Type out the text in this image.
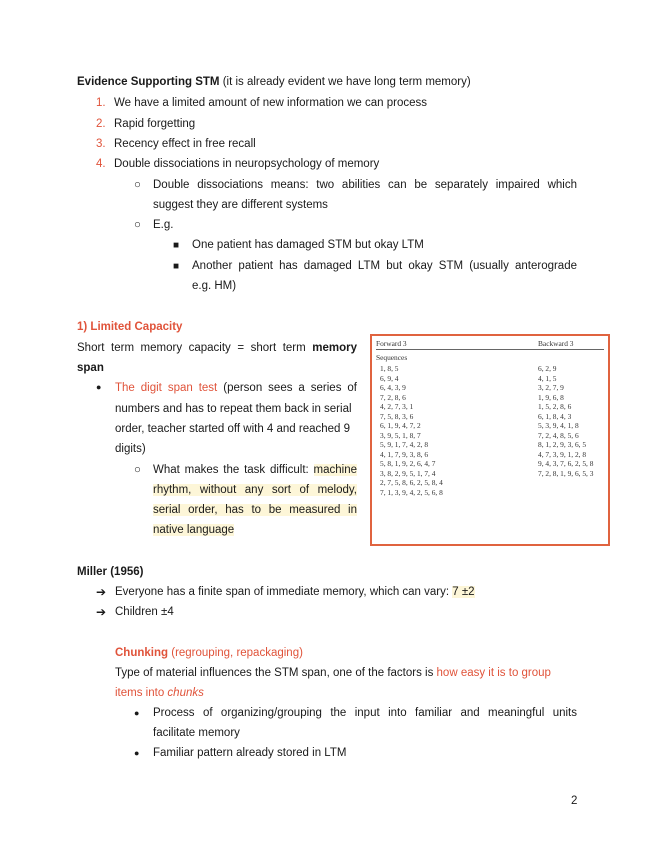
Evidence Supporting STM (it is already evident we have long term memory)
1. We have a limited amount of new information we can process
2. Rapid forgetting
3. Recency effect in free recall
4. Double dissociations in neuropsychology of memory
○ Double dissociations means: two abilities can be separately impaired which
suggest they are different systems
○ E.g.
■ One patient has damaged STM but okay LTM
■ Another patient has damaged LTM but okay STM (usually anterograde
e.g. HM)
1) Limited Capacity
Short term memory capacity = short term memory
span
● The digit span test (person sees a series of
numbers and has to repeat them back in serial
order, teacher started off with 4 and reached 9
digits)
○ What makes the task difficult: machine
rhythm, without any sort of melody,
serial order, has to be measured in
native language
Forward 3	Backward 3
Sequences
1, 8, 5
6, 9, 4
6, 4, 3, 9
7, 2, 8, 6
4, 2, 7, 3, 1
7, 5, 8, 3, 6
6, 1, 9, 4, 7, 2
3, 9, 5, 1, 8, 7
5, 9, 1, 7, 4, 2, 8
4, 1, 7, 9, 3, 8, 6
5, 8, 1, 9, 2, 6, 4, 7
3, 8, 2, 9, 5, 1, 7, 4
2, 7, 5, 8, 6, 2, 5, 8, 4
7, 1, 3, 9, 4, 2, 5, 6, 8
6, 2, 9
4, 1, 5
3, 2, 7, 9
1, 9, 6, 8
1, 5, 2, 8, 6
6, 1, 8, 4, 3
5, 3, 9, 4, 1, 8
7, 2, 4, 8, 5, 6
8, 1, 2, 9, 3, 6, 5
4, 7, 3, 9, 1, 2, 8
9, 4, 3, 7, 6, 2, 5, 8
7, 2, 8, 1, 9, 6, 5, 3
Miller (1956)
➔ Everyone has a finite span of immediate memory, which can vary: 7 ±2
➔ Children ±4
Chunking (regrouping, repackaging)
Type of material influences the STM span, one of the factors is how easy it is to group
items into chunks
● Process of organizing/grouping the input into familiar and meaningful units
facilitate memory
● Familiar pattern already stored in LTM
2
